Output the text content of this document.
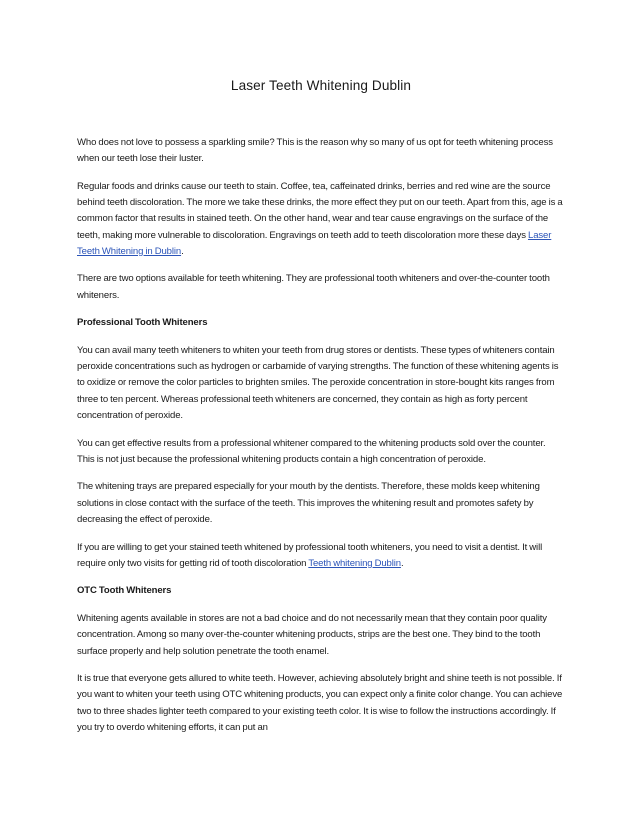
Laser Teeth Whitening Dublin

Who does not love to possess a sparkling smile? This is the reason why so many of us opt for teeth whitening process when our teeth lose their luster.

Regular foods and drinks cause our teeth to stain. Coffee, tea, caffeinated drinks, berries and red wine are the source behind teeth discoloration. The more we take these drinks, the more effect they put on our teeth. Apart from this, age is a common factor that results in stained teeth. On the other hand, wear and tear cause engravings on the surface of the teeth, making more vulnerable to discoloration. Engravings on teeth add to teeth discoloration more these days Laser Teeth Whitening in Dublin.

There are two options available for teeth whitening. They are professional tooth whiteners and over-the-counter tooth whiteners.

Professional Tooth Whiteners

You can avail many teeth whiteners to whiten your teeth from drug stores or dentists. These types of whiteners contain peroxide concentrations such as hydrogen or carbamide of varying strengths. The function of these whitening agents is to oxidize or remove the color particles to brighten smiles. The peroxide concentration in store-bought kits ranges from three to ten percent. Whereas professional teeth whiteners are concerned, they contain as high as forty percent concentration of peroxide.

You can get effective results from a professional whitener compared to the whitening products sold over the counter. This is not just because the professional whitening products contain a high concentration of peroxide.

The whitening trays are prepared especially for your mouth by the dentists. Therefore, these molds keep whitening solutions in close contact with the surface of the teeth. This improves the whitening result and promotes safety by decreasing the effect of peroxide.

If you are willing to get your stained teeth whitened by professional tooth whiteners, you need to visit a dentist. It will require only two visits for getting rid of tooth discoloration Teeth whitening Dublin.

OTC Tooth Whiteners

Whitening agents available in stores are not a bad choice and do not necessarily mean that they contain poor quality concentration. Among so many over-the-counter whitening products, strips are the best one. They bind to the tooth surface properly and help solution penetrate the tooth enamel.

It is true that everyone gets allured to white teeth. However, achieving absolutely bright and shine teeth is not possible. If you want to whiten your teeth using OTC whitening products, you can expect only a finite color change. You can achieve two to three shades lighter teeth compared to your existing teeth color. It is wise to follow the instructions accordingly. If you try to overdo whitening efforts, it can put an
